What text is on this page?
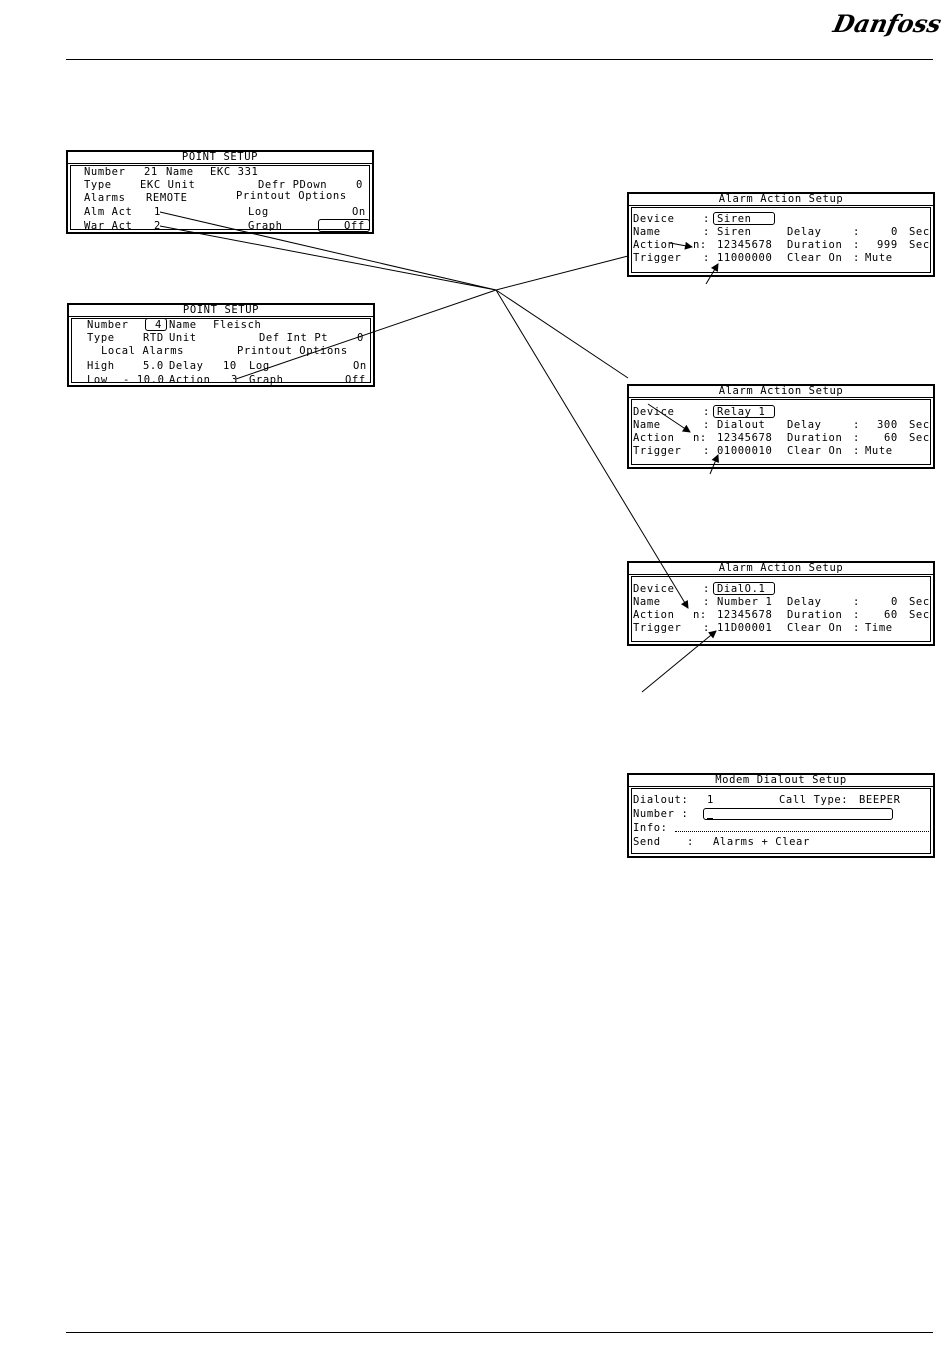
Danfoss
POINT SETUP
Number 21 Name EKC 331
Type	EKC Unit	Defr PDown	0
Alarms REMOTE	Printout Options
Alm Act 1	Log	On
War Act 2	Graph	Off
POINT SETUP
Number	4 Name Fleisch
Type	RTD Unit	Def Int Pt	0
Local Alarms	Printout Options
High	5.0 Delay 10 Log	On
Low - 10.0 Action 3 Graph	Off
Alarm Action Setup
Device	: Siren
Name	: Siren	Delay	:	0 Sec
Action n: 12345678 Duration : 999 Sec
Trigger : 11000000 Clear On : Mute
Alarm Action Setup
Device	: Relay 1
Name	: Dialout Delay	: 300 Sec
Action n: 12345678 Duration : 60 Sec
Trigger : 01000010 Clear On : Mute
Alarm Action Setup
Device	: DialO.1
Name	: Number 1 Delay	:	0 Sec
Action n: 12345678 Duration : 60 Sec
Trigger : 11D00001 Clear On : Time
Modem Dialout Setup
Dialout: 1	Call Type: BEEPER
Number :
Info:
Send	: Alarms + Clear
